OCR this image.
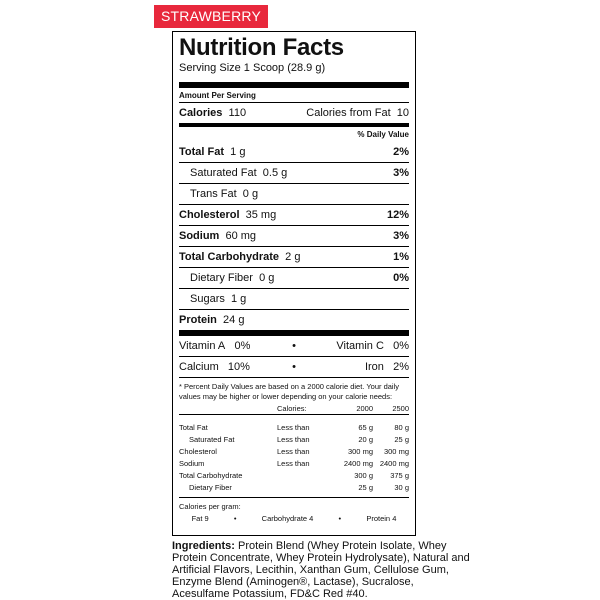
STRAWBERRY
Nutrition Facts
Serving Size 1 Scoop (28.9 g)
Amount Per Serving
Calories 110	Calories from Fat 10
% Daily Value
Total Fat 1 g	2%
Saturated Fat 0.5 g	3%
Trans Fat 0 g
Cholesterol 35 mg	12%
Sodium 60 mg	3%
Total Carbohydrate 2 g	1%
Dietary Fiber 0 g	0%
Sugars 1 g
Protein 24 g
Vitamin A 0%	•	Vitamin C 0%
Calcium 10%	•	Iron 2%
* Percent Daily Values are based on a 2000 calorie diet. Your daily values may be higher or lower depending on your calorie needs:
	Calories:	2000	2500

Total Fat	Less than	65 g	80 g
Saturated Fat	Less than	20 g	25 g
Cholesterol	Less than	300 mg	300 mg
Sodium	Less than	2400 mg	2400 mg
Total Carbohydrate		300 g	375 g
Dietary Fiber		25 g	30 g
Calories per gram:
Fat 9	•	Carbohydrate 4	•	Protein 4
Ingredients: Protein Blend (Whey Protein Isolate, Whey Protein Concentrate, Whey Protein Hydrolysate), Natural and Artificial Flavors, Lecithin, Xanthan Gum, Cellulose Gum, Enzyme Blend (Aminogen®, Lactase), Sucralose, Acesulfame Potassium, FD&C Red #40.
